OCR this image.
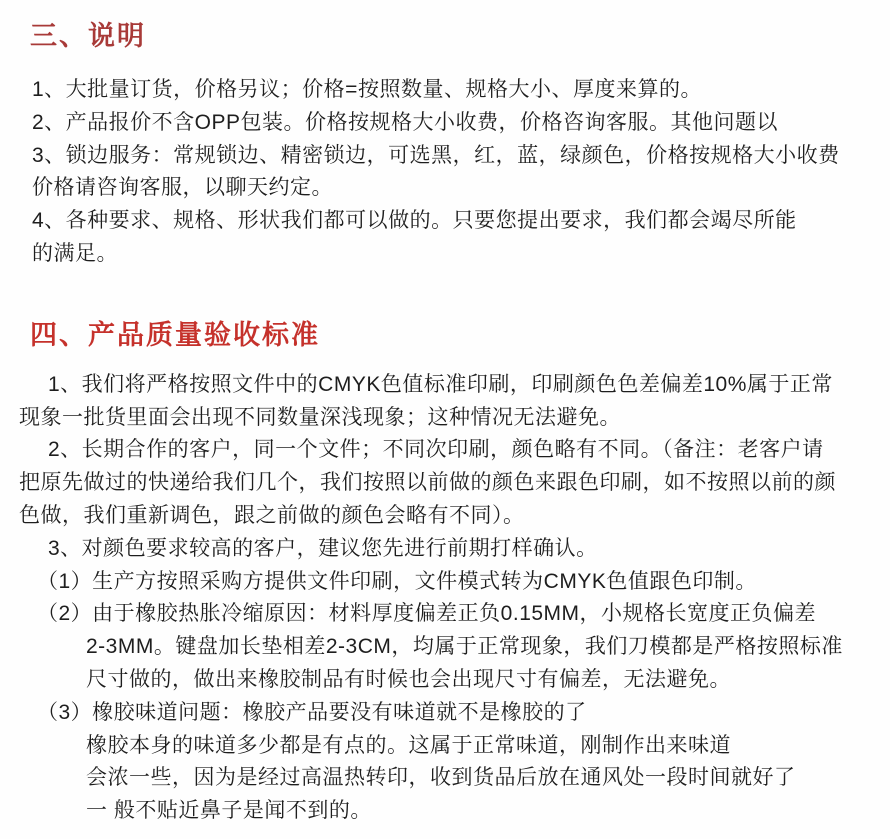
三、说明

1、大批量订货，价格另议；价格=按照数量、规格大小、厚度来算的。

2、产品报价不含OPP包装。价格按规格大小收费，价格咨询客服。其他问题以

3、锁边服务：常规锁边、精密锁边，可选黑，红，蓝，绿颜色，价格按规格大小收费

价格请咨询客服，以聊天约定。

4、各种要求、规格、形状我们都可以做的。只要您提出要求，我们都会竭尽所能

的满足。

四、产品质量验收标准

1、我们将严格按照文件中的CMYK色值标准印刷，印刷颜色色差偏差10%属于正常

现象一批货里面会出现不同数量深浅现象；这种情况无法避免。

2、长期合作的客户，同一个文件；不同次印刷，颜色略有不同。（备注：老客户请

把原先做过的快递给我们几个，我们按照以前做的颜色来跟色印刷，如不按照以前的颜

色做，我们重新调色，跟之前做的颜色会略有不同）。

3、对颜色要求较高的客户，建议您先进行前期打样确认。

（1）生产方按照采购方提供文件印刷，文件模式转为CMYK色值跟色印制。

（2）由于橡胶热胀冷缩原因：材料厚度偏差正负0.15MM，小规格长宽度正负偏差

2-3MM。键盘加长垫相差2-3CM，均属于正常现象，我们刀模都是严格按照标准

尺寸做的，做出来橡胶制品有时候也会出现尺寸有偏差，无法避免。

（3）橡胶味道问题：橡胶产品要没有味道就不是橡胶的了

橡胶本身的味道多少都是有点的。这属于正常味道，刚制作出来味道

会浓一些，因为是经过高温热转印，收到货品后放在通风处一段时间就好了

一 般不贴近鼻子是闻不到的。
